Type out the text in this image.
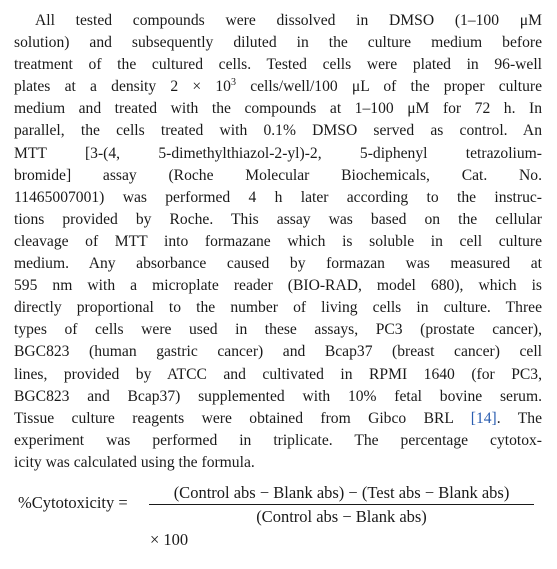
All tested compounds were dissolved in DMSO (1–100 μM
solution) and subsequently diluted in the culture medium before
treatment of the cultured cells. Tested cells were plated in 96-well
plates at a density $2 \times 10^3$ cells/well/100 μL of the proper culture
medium and treated with the compounds at 1–100 μM for 72 h. In
parallel, the cells treated with 0.1% DMSO served as control. An
MTT [3-(4, 5-dimethylthiazol-2-yl)-2, 5-diphenyl tetrazolium-
bromide] assay (Roche Molecular Biochemicals, Cat. No.
11465007001) was performed 4 h later according to the instruc-
tions provided by Roche. This assay was based on the cellular
cleavage of MTT into formazane which is soluble in cell culture
medium. Any absorbance caused by formazan was measured at
595 nm with a microplate reader (BIO-RAD, model 680), which is
directly proportional to the number of living cells in culture. Three
types of cells were used in these assays, PC3 (prostate cancer),
BGC823 (human gastric cancer) and Bcap37 (breast cancer) cell
lines, provided by ATCC and cultivated in RPMI 1640 (for PC3,
BGC823 and Bcap37) supplemented with 10% fetal bovine serum.
Tissue culture reagents were obtained from Gibco BRL [14]. The
experiment was performed in triplicate. The percentage cytotox-
icity was calculated using the formula.
%Cytotoxicity =
(Control abs − Blank abs) − (Test abs − Blank abs)
(Control abs − Blank abs)
× 100
